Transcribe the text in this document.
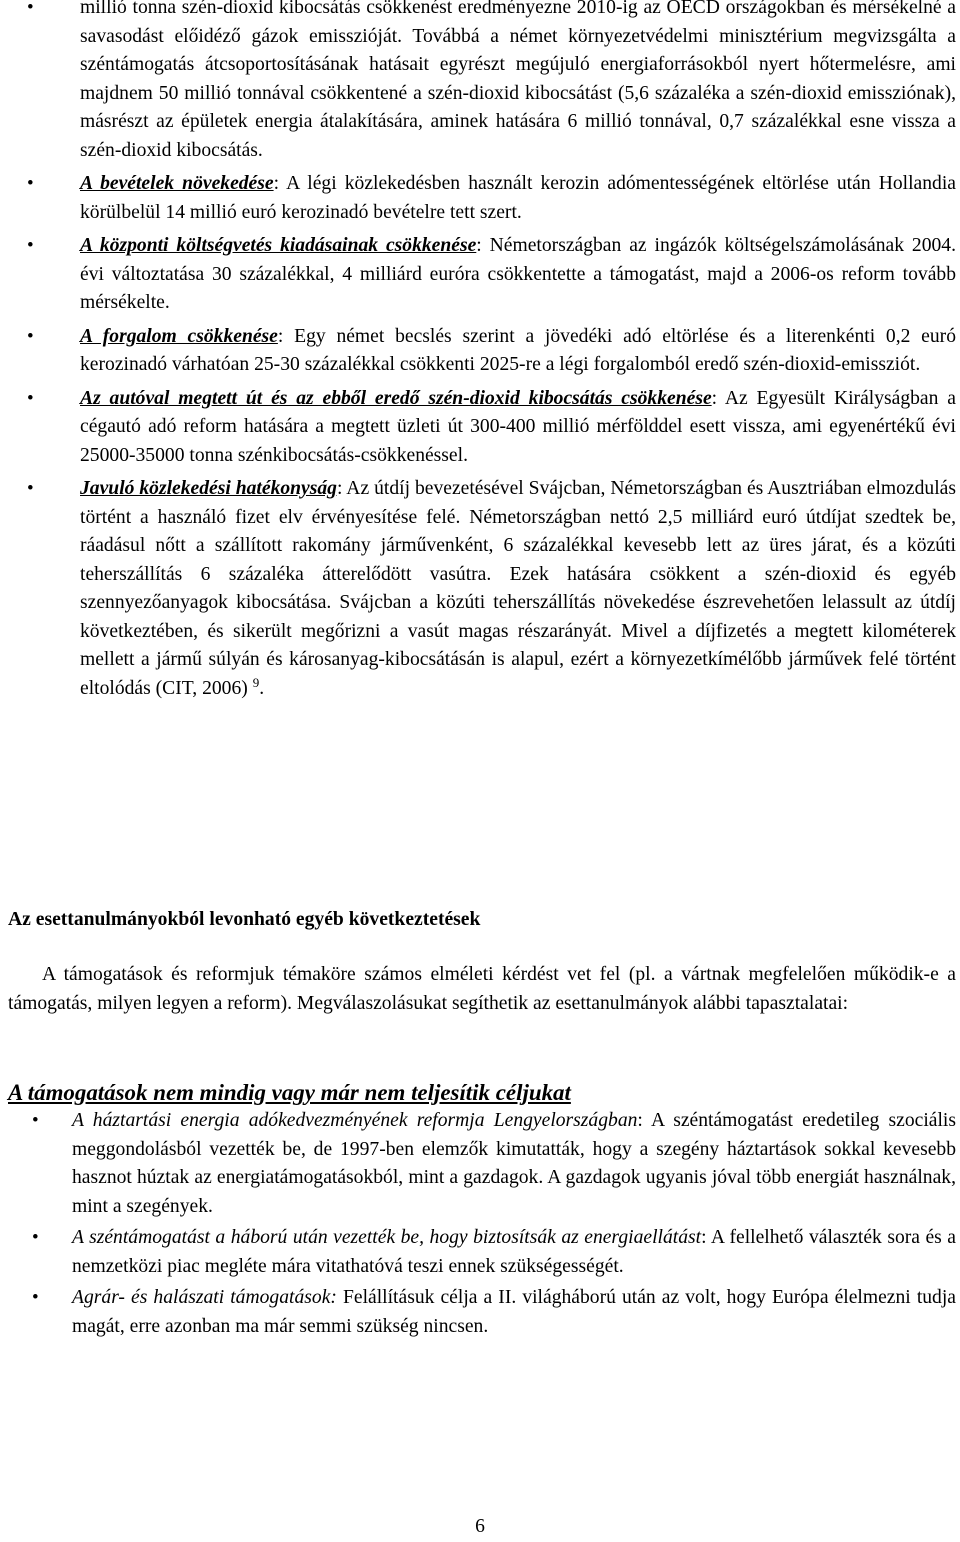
• millió tonna szén-dioxid kibocsátás csökkenést eredményezne 2010-ig az OECD országokban és mérsékelné a savasodást előidéző gázok emisszióját. Továbbá a német környezetvédelmi minisztérium megvizsgálta a széntámogatás átcsoportosításának hatásait egyrészt megújuló energiaforrásokból nyert hőtermelésre, ami majdnem 50 millió tonnával csökkentené a szén-dioxid kibocsátást (5,6 százaléka a szén-dioxid emissziónak), másrészt az épületek energia átalakítására, aminek hatására 6 millió tonnával, 0,7 százalékkal esne vissza a szén-dioxid kibocsátás.
• A bevételek növekedése: A légi közlekedésben használt kerozin adómentességének eltörlése után Hollandia körülbelül 14 millió euró kerozinadó bevételre tett szert.
• A központi költségvetés kiadásainak csökkenése: Németországban az ingázók költségelszámolásának 2004. évi változtatása 30 százalékkal, 4 milliárd euróra csökkentette a támogatást, majd a 2006-os reform tovább mérsékelte.
• A forgalom csökkenése: Egy német becslés szerint a jövedéki adó eltörlése és a literenkénti 0,2 euró kerozinadó várhatóan 25-30 százalékkal csökkenti 2025-re a légi forgalomból eredő szén-dioxid-emissziót.
• Az autóval megtett út és az ebből eredő szén-dioxid kibocsátás csökkenése: Az Egyesült Királyságban a cégautó adó reform hatására a megtett üzleti út 300-400 millió mérfölddel esett vissza, ami egyenértékű évi 25000-35000 tonna szénkibocsátás-csökkenéssel.
• Javuló közlekedési hatékonyság: Az útdíj bevezetésével Svájcban, Németországban és Ausztriában elmozdulás történt a használó fizet elv érvényesítése felé. Németországban nettó 2,5 milliárd euró útdíjat szedtek be, ráadásul nőtt a szállított rakomány járművenként, 6 százalékkal kevesebb lett az üres járat, és a közúti teherszállítás 6 százaléka átterelődött vasútra. Ezek hatására csökkent a szén-dioxid és egyéb szennyezőanyagok kibocsátása. Svájcban a közúti teherszállítás növekedése észrevehetően lelassult az útdíj következtében, és sikerült megőrizni a vasút magas részarányát. Mivel a díjfizetés a megtett kilométerek mellett a jármű súlyán és károsanyag-kibocsátásán is alapul, ezért a környezetkímélőbb járművek felé történt eltolódás (CIT, 2006) $^9$.
Az esettanulmányokból levonható egyéb következtetések

A támogatások és reformjuk témaköre számos elméleti kérdést vet fel (pl. a vártnak megfelelően működik-e a támogatás, milyen legyen a reform). Megválaszolásukat segíthetik az esettanulmányok alábbi tapasztalatai:

A támogatások nem mindig vagy már nem teljesítik céljukat
• A háztartási energia adókedvezményének reformja Lengyelországban: A széntámogatást eredetileg szociális meggondolásból vezették be, de 1997-ben elemzők kimutatták, hogy a szegény háztartások sokkal kevesebb hasznot húztak az energiatámogatásokból, mint a gazdagok. A gazdagok ugyanis jóval több energiát használnak, mint a szegények.
• A széntámogatást a háború után vezették be, hogy biztosítsák az energiaellátást: A fellelhető választék sora és a nemzetközi piac megléte mára vitathatóvá teszi ennek szükségességét.
• Agrár- és halászati támogatások: Felállításuk célja a II. világháború után az volt, hogy Európa élelmezni tudja magát, erre azonban ma már semmi szükség nincsen.
6
